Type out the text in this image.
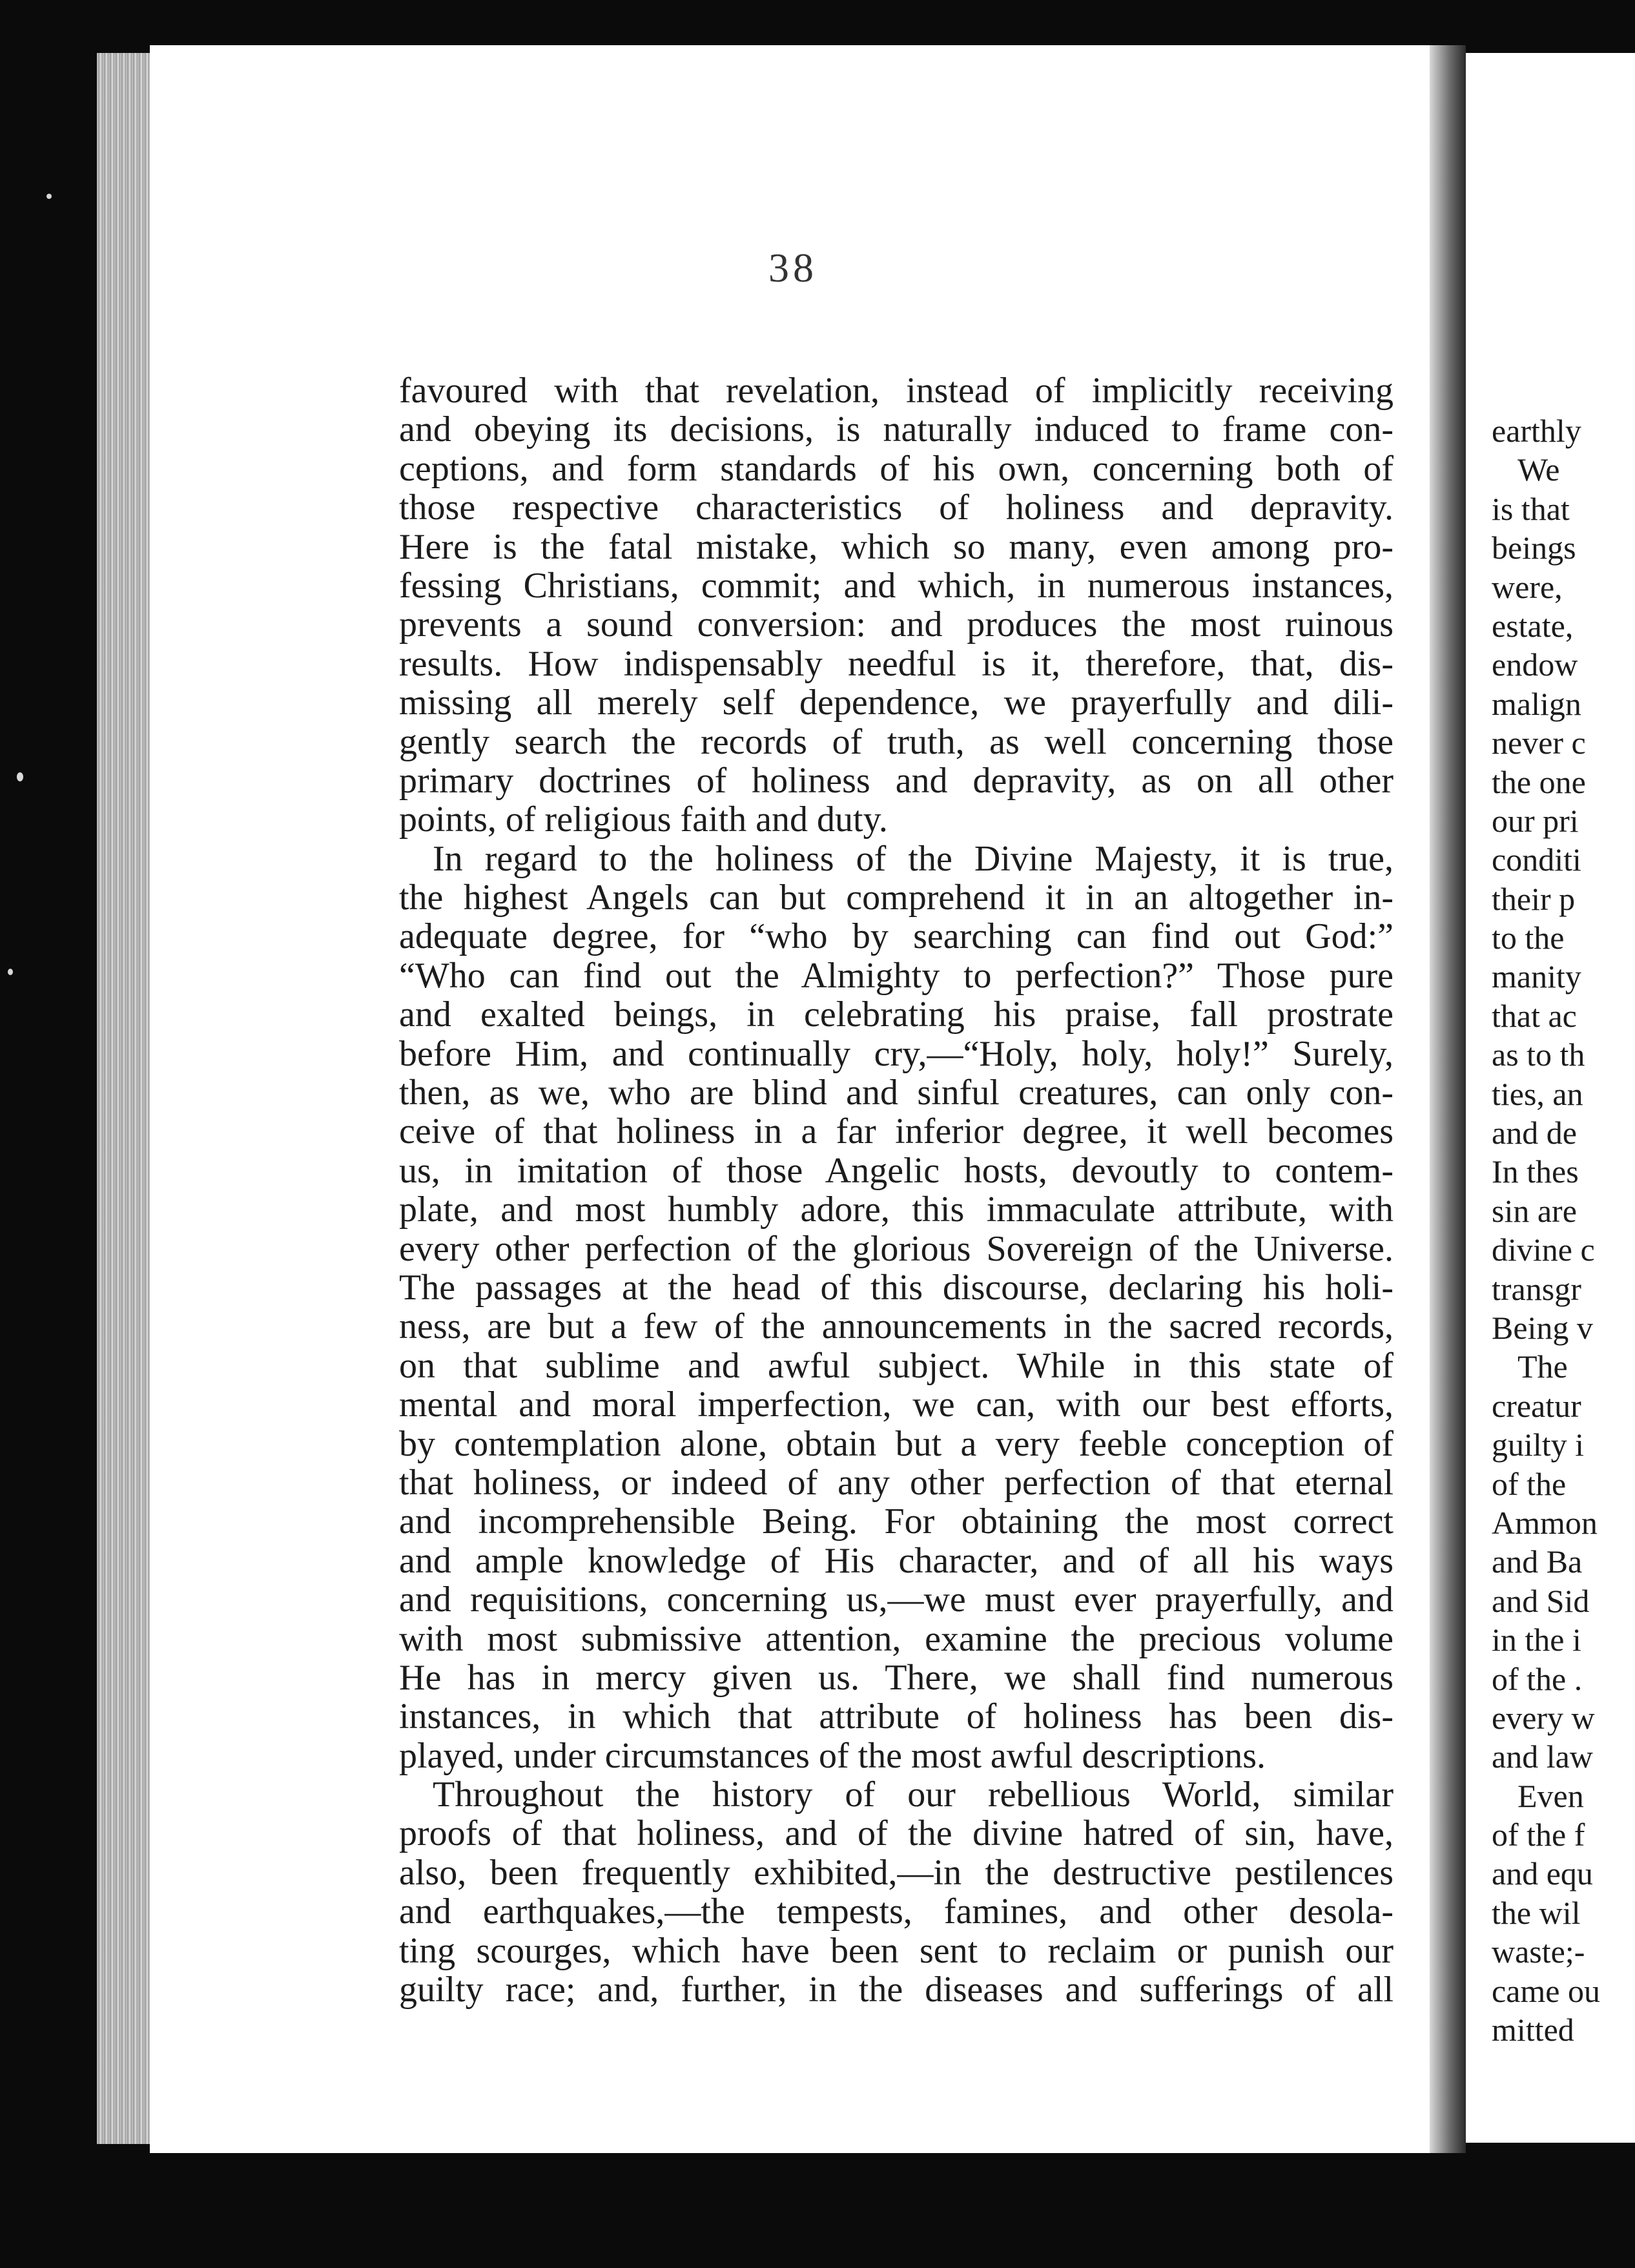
38
favoured with that revelation, instead of implicitly receiving
and obeying its decisions, is naturally induced to frame con-
ceptions, and form standards of his own, concerning both of
those respective characteristics of holiness and depravity.
Here is the fatal mistake, which so many, even among pro-
fessing Christians, commit; and which, in numerous instances,
prevents a sound conversion: and produces the most ruinous
results. How indispensably needful is it, therefore, that, dis-
missing all merely self dependence, we prayerfully and dili-
gently search the records of truth, as well concerning those
primary doctrines of holiness and depravity, as on all other
points, of religious faith and duty.
In regard to the holiness of the Divine Majesty, it is true,
the highest Angels can but comprehend it in an altogether in-
adequate degree, for “who by searching can find out God:”
“Who can find out the Almighty to perfection?” Those pure
and exalted beings, in celebrating his praise, fall prostrate
before Him, and continually cry,—“Holy, holy, holy!” Surely,
then, as we, who are blind and sinful creatures, can only con-
ceive of that holiness in a far inferior degree, it well becomes
us, in imitation of those Angelic hosts, devoutly to contem-
plate, and most humbly adore, this immaculate attribute, with
every other perfection of the glorious Sovereign of the Universe.
The passages at the head of this discourse, declaring his holi-
ness, are but a few of the announcements in the sacred records,
on that sublime and awful subject. While in this state of
mental and moral imperfection, we can, with our best efforts,
by contemplation alone, obtain but a very feeble conception of
that holiness, or indeed of any other perfection of that eternal
and incomprehensible Being. For obtaining the most correct
and ample knowledge of His character, and of all his ways
and requisitions, concerning us,—we must ever prayerfully, and
with most submissive attention, examine the precious volume
He has in mercy given us. There, we shall find numerous
instances, in which that attribute of holiness has been dis-
played, under circumstances of the most awful descriptions.
Throughout the history of our rebellious World, similar
proofs of that holiness, and of the divine hatred of sin, have,
also, been frequently exhibited,—in the destructive pestilences
and earthquakes,—the tempests, famines, and other desola-
ting scourges, which have been sent to reclaim or punish our
guilty race; and, further, in the diseases and sufferings of all
earthly
We
is that
beings
were,
estate,
endow
malign
never c
the one
our pri
conditi
their p
to the
manity
that ac
as to th
ties, an
and de
In thes
sin are
divine c
transgr
Being v
The
creatur
guilty i
of the
Ammon
and Ba
and Sid
in the i
of the .
every w
and law
Even
of the f
and equ
the wil
waste;-
came ou
mitted
